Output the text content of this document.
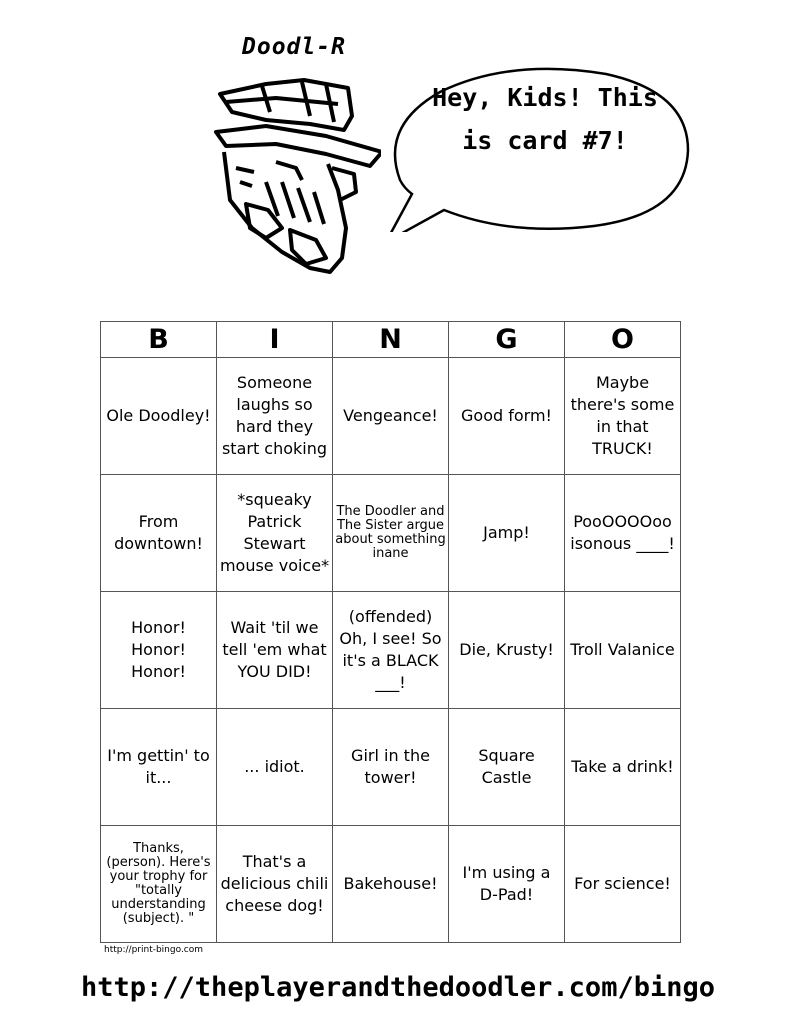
Doodl-R
Hey, Kids! This
is card #7!
B	I	N	G	O
Ole Doodley!	Someone laughs so hard they start choking	Vengeance!	Good form!	Maybe there's some in that TRUCK!
From downtown!	*squeaky Patrick Stewart mouse voice*	The Doodler and The Sister argue about something inane	Jamp!	PooOOOOoo isonous ____!
Honor! Honor! Honor!	Wait 'til we tell 'em what YOU DID!	(offended) Oh, I see! So it's a BLACK ___!	Die, Krusty!	Troll Valanice
I'm gettin' to it...	... idiot.	Girl in the tower!	Square Castle	Take a drink!
Thanks, (person). Here's your trophy for "totally understanding (subject). "	That's a delicious chili cheese dog!	Bakehouse!	I'm using a D-Pad!	For science!
http://print-bingo.com
http://theplayerandthedoodler.com/bingo
